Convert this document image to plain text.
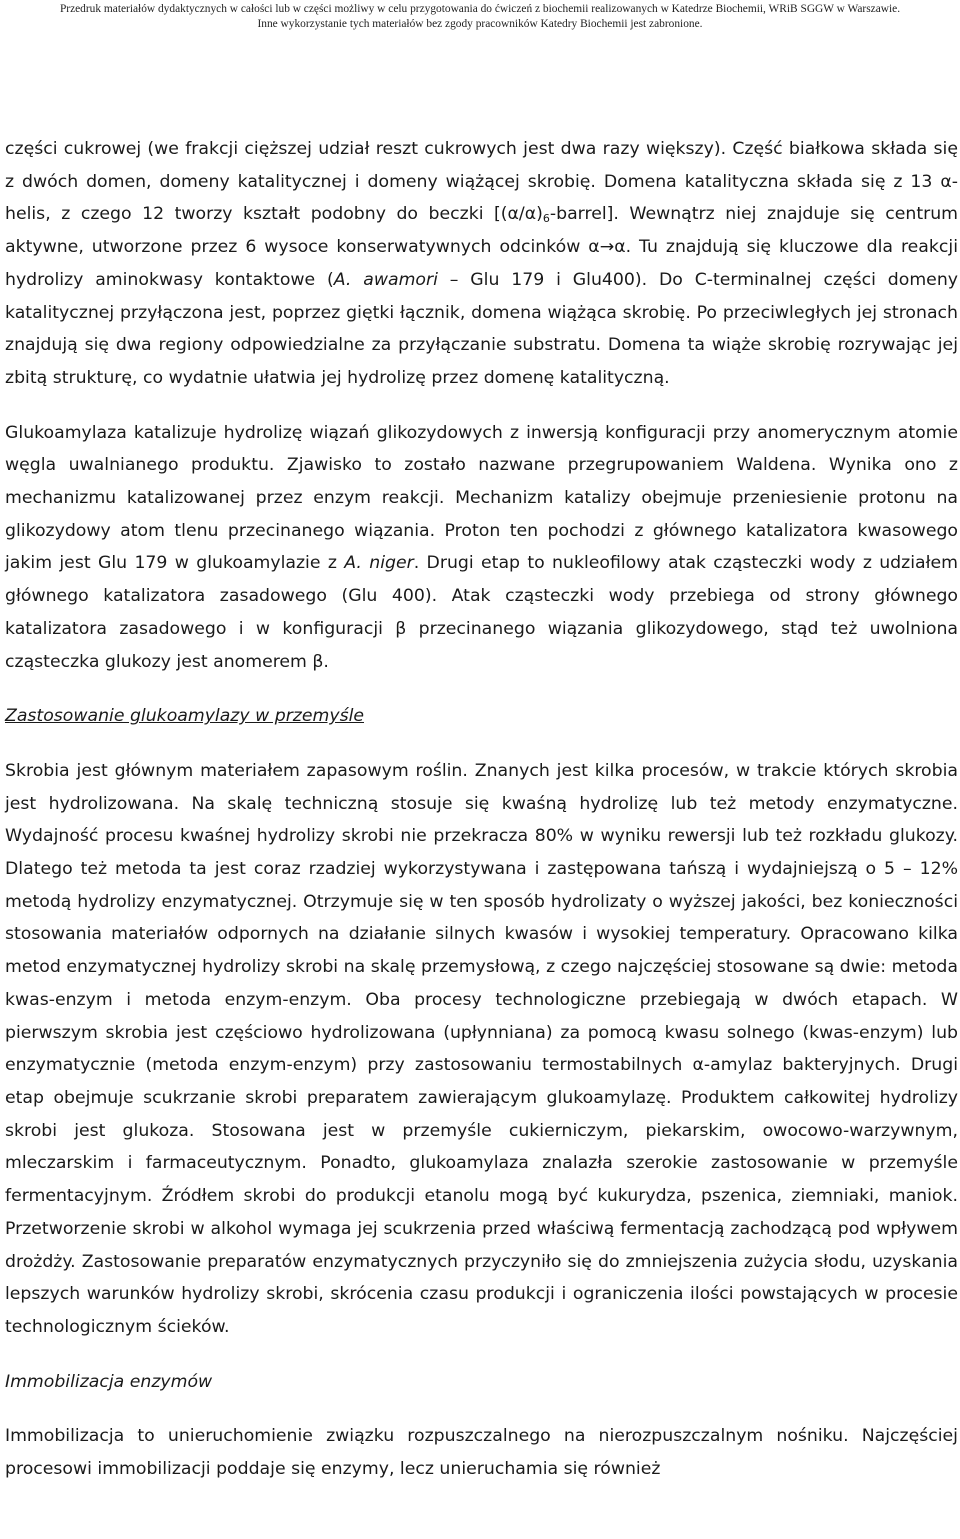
Przedruk materiałów dydaktycznych w całości lub w części możliwy w celu przygotowania do ćwiczeń z biochemii realizowanych w Katedrze Biochemii, WRiB SGGW w Warszawie.
Inne wykorzystanie tych materiałów bez zgody pracowników Katedry Biochemii jest zabronione.

części cukrowej (we frakcji cięższej udział reszt cukrowych jest dwa razy większy). Część białkowa składa się z dwóch domen, domeny katalitycznej i domeny wiążącej skrobię. Domena katalityczna składa się z 13 α-helis, z czego 12 tworzy kształt podobny do beczki $[(\alpha/\alpha)_6-barrel]$. Wewnątrz niej znajduje się centrum aktywne, utworzone przez 6 wysoce konserwatywnych odcinków α→α. Tu znajdują się kluczowe dla reakcji hydrolizy aminokwasy kontaktowe (A. awamori – Glu 179 i Glu400). Do C-terminalnej części domeny katalitycznej przyłączona jest, poprzez giętki łącznik, domena wiążąca skrobię. Po przeciwległych jej stronach znajdują się dwa regiony odpowiedzialne za przyłączanie substratu. Domena ta wiąże skrobię rozrywając jej zbitą strukturę, co wydatnie ułatwia jej hydrolizę przez domenę katalityczną.

Glukoamylaza katalizuje hydrolizę wiązań glikozydowych z inwersją konfiguracji przy anomerycznym atomie węgla uwalnianego produktu. Zjawisko to zostało nazwane przegrupowaniem Waldena. Wynika ono z mechanizmu katalizowanej przez enzym reakcji. Mechanizm katalizy obejmuje przeniesienie protonu na glikozydowy atom tlenu przecinanego wiązania. Proton ten pochodzi z głównego katalizatora kwasowego jakim jest Glu 179 w glukoamylazie z A. niger. Drugi etap to nukleofilowy atak cząsteczki wody z udziałem głównego katalizatora zasadowego (Glu 400). Atak cząsteczki wody przebiega od strony głównego katalizatora zasadowego i w konfiguracji β przecinanego wiązania glikozydowego, stąd też uwolniona cząsteczka glukozy jest anomerem β.

Zastosowanie glukoamylazy w przemyśle

Skrobia jest głównym materiałem zapasowym roślin. Znanych jest kilka procesów, w trakcie których skrobia jest hydrolizowana. Na skalę techniczną stosuje się kwaśną hydrolizę lub też metody enzymatyczne. Wydajność procesu kwaśnej hydrolizy skrobi nie przekracza 80% w wyniku rewersji lub też rozkładu glukozy. Dlatego też metoda ta jest coraz rzadziej wykorzystywana i zastępowana tańszą i wydajniejszą o 5 – 12% metodą hydrolizy enzymatycznej. Otrzymuje się w ten sposób hydrolizaty o wyższej jakości, bez konieczności stosowania materiałów odpornych na działanie silnych kwasów i wysokiej temperatury. Opracowano kilka metod enzymatycznej hydrolizy skrobi na skalę przemysłową, z czego najczęściej stosowane są dwie: metoda kwas-enzym i metoda enzym-enzym. Oba procesy technologiczne przebiegają w dwóch etapach. W pierwszym skrobia jest częściowo hydrolizowana (upłynniana) za pomocą kwasu solnego (kwas-enzym) lub enzymatycznie (metoda enzym-enzym) przy zastosowaniu termostabilnych α-amylaz bakteryjnych. Drugi etap obejmuje scukrzanie skrobi preparatem zawierającym glukoamylazę. Produktem całkowitej hydrolizy skrobi jest glukoza. Stosowana jest w przemyśle cukierniczym, piekarskim, owocowo-warzywnym, mleczarskim i farmaceutycznym. Ponadto, glukoamylaza znalazła szerokie zastosowanie w przemyśle fermentacyjnym. Źródłem skrobi do produkcji etanolu mogą być kukurydza, pszenica, ziemniaki, maniok. Przetworzenie skrobi w alkohol wymaga jej scukrzenia przed właściwą fermentacją zachodzącą pod wpływem drożdży. Zastosowanie preparatów enzymatycznych przyczyniło się do zmniejszenia zużycia słodu, uzyskania lepszych warunków hydrolizy skrobi, skrócenia czasu produkcji i ograniczenia ilości powstających w procesie technologicznym ścieków.

Immobilizacja enzymów

Immobilizacja to unieruchomienie związku rozpuszczalnego na nierozpuszczalnym nośniku. Najczęściej procesowi immobilizacji poddaje się enzymy, lecz unieruchamia się również
